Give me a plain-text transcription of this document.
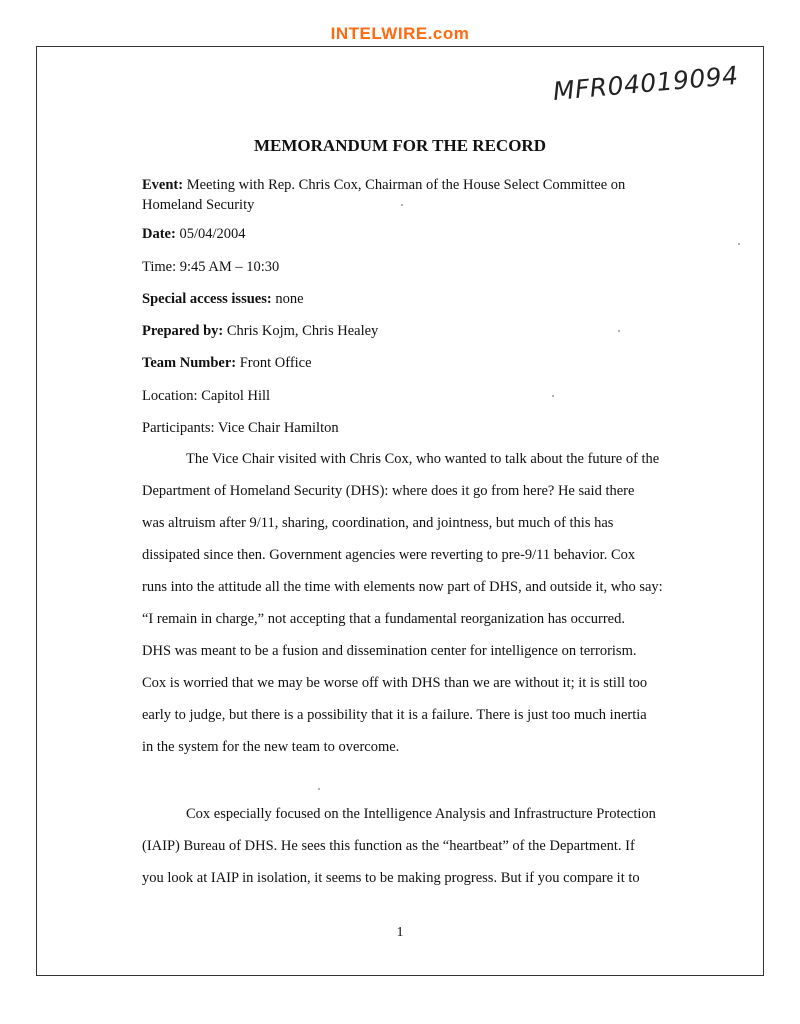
INTELWIRE.com
MFR04019094
MEMORANDUM FOR THE RECORD
Event: Meeting with Rep. Chris Cox, Chairman of the House Select Committee on
Homeland Security
Date: 05/04/2004
Time: 9:45 AM – 10:30
Special access issues: none
Prepared by: Chris Kojm, Chris Healey
Team Number: Front Office
Location: Capitol Hill
Participants: Vice Chair Hamilton
The Vice Chair visited with Chris Cox, who wanted to talk about the future of the
Department of Homeland Security (DHS): where does it go from here? He said there
was altruism after 9/11, sharing, coordination, and jointness, but much of this has
dissipated since then. Government agencies were reverting to pre-9/11 behavior. Cox
runs into the attitude all the time with elements now part of DHS, and outside it, who say:
“I remain in charge,” not accepting that a fundamental reorganization has occurred.
DHS was meant to be a fusion and dissemination center for intelligence on terrorism.
Cox is worried that we may be worse off with DHS than we are without it; it is still too
early to judge, but there is a possibility that it is a failure. There is just too much inertia
in the system for the new team to overcome.
Cox especially focused on the Intelligence Analysis and Infrastructure Protection
(IAIP) Bureau of DHS. He sees this function as the “heartbeat” of the Department. If
you look at IAIP in isolation, it seems to be making progress. But if you compare it to
1
